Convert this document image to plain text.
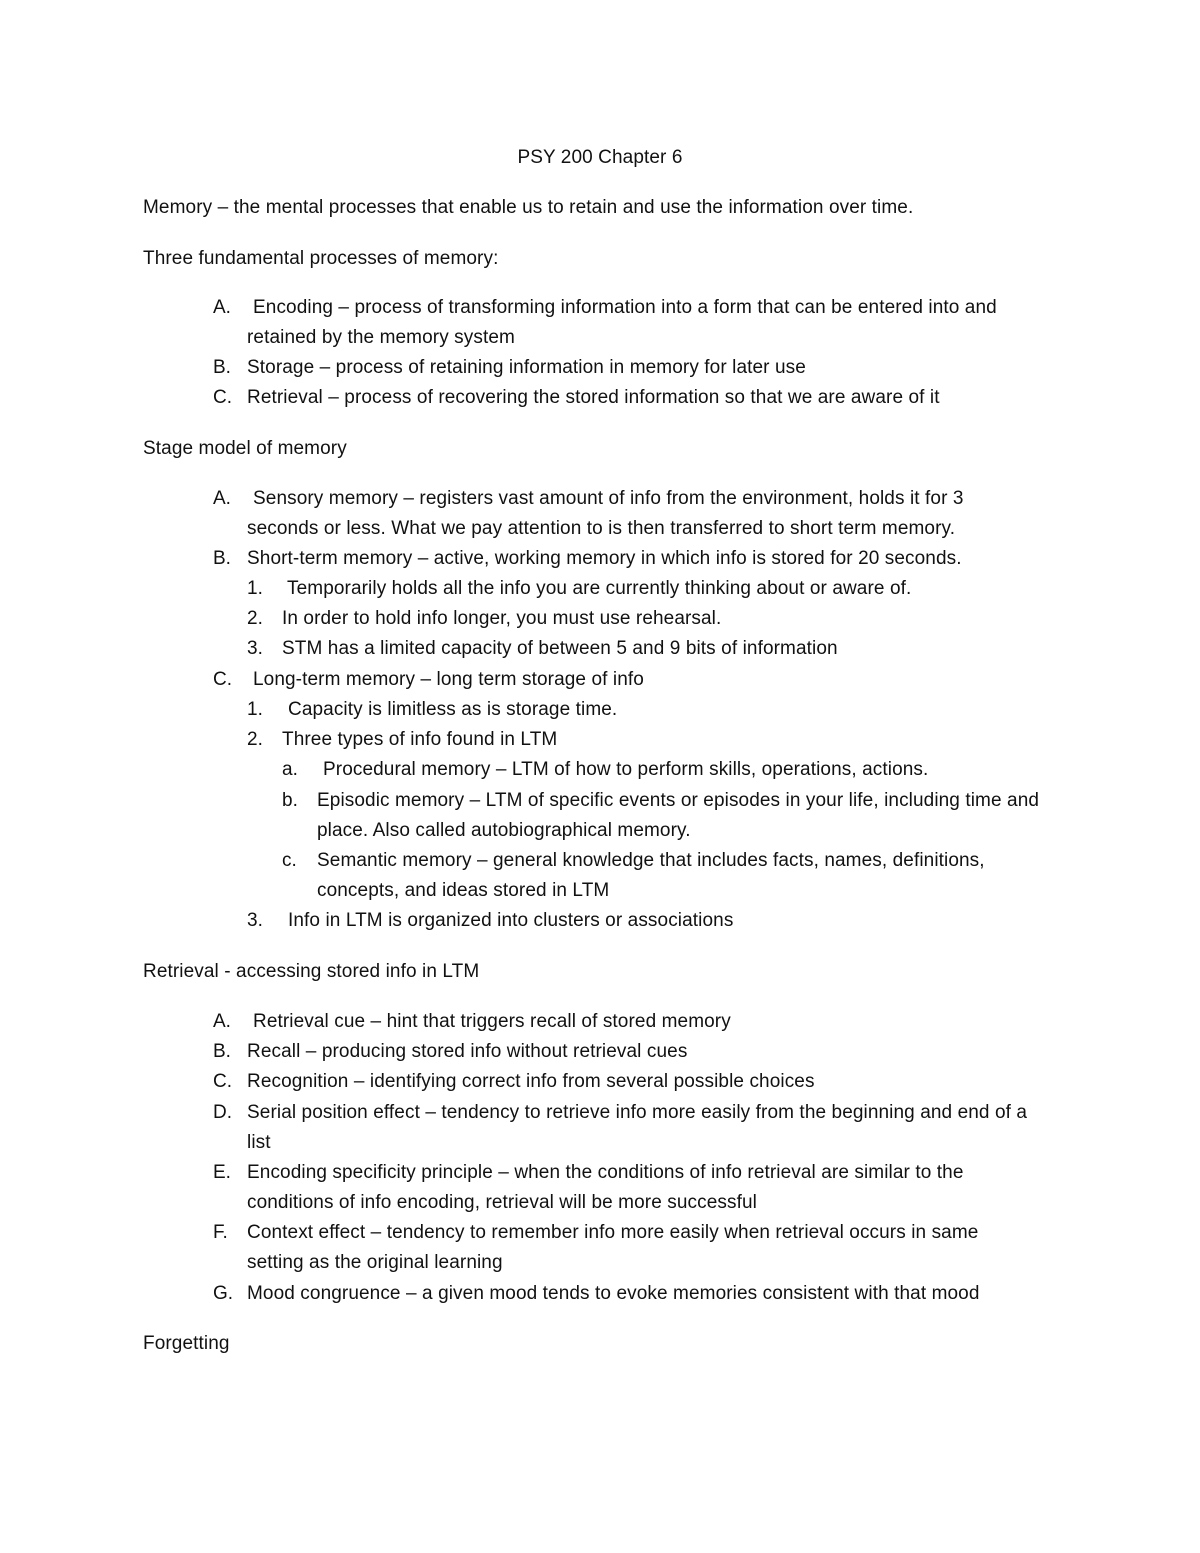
PSY 200 Chapter 6
Memory – the mental processes that enable us to retain and use the information over time.
Three fundamental processes of memory:
A. Encoding – process of transforming information into a form that can be entered into and
retained by the memory system
B. Storage – process of retaining information in memory for later use
C. Retrieval – process of recovering the stored information so that we are aware of it
Stage model of memory
A. Sensory memory – registers vast amount of info from the environment, holds it for 3
seconds or less. What we pay attention to is then transferred to short term memory.
B. Short-term memory – active, working memory in which info is stored for 20 seconds.
1. Temporarily holds all the info you are currently thinking about or aware of.
2. In order to hold info longer, you must use rehearsal.
3. STM has a limited capacity of between 5 and 9 bits of information
C. Long-term memory – long term storage of info
1. Capacity is limitless as is storage time.
2. Three types of info found in LTM
a. Procedural memory – LTM of how to perform skills, operations, actions.
b. Episodic memory – LTM of specific events or episodes in your life, including time and
place. Also called autobiographical memory.
c. Semantic memory – general knowledge that includes facts, names, definitions,
concepts, and ideas stored in LTM
3. Info in LTM is organized into clusters or associations
Retrieval - accessing stored info in LTM
A. Retrieval cue – hint that triggers recall of stored memory
B. Recall – producing stored info without retrieval cues
C. Recognition – identifying correct info from several possible choices
D. Serial position effect – tendency to retrieve info more easily from the beginning and end of a
list
E. Encoding specificity principle – when the conditions of info retrieval are similar to the
conditions of info encoding, retrieval will be more successful
F. Context effect – tendency to remember info more easily when retrieval occurs in same
setting as the original learning
G. Mood congruence – a given mood tends to evoke memories consistent with that mood
Forgetting
